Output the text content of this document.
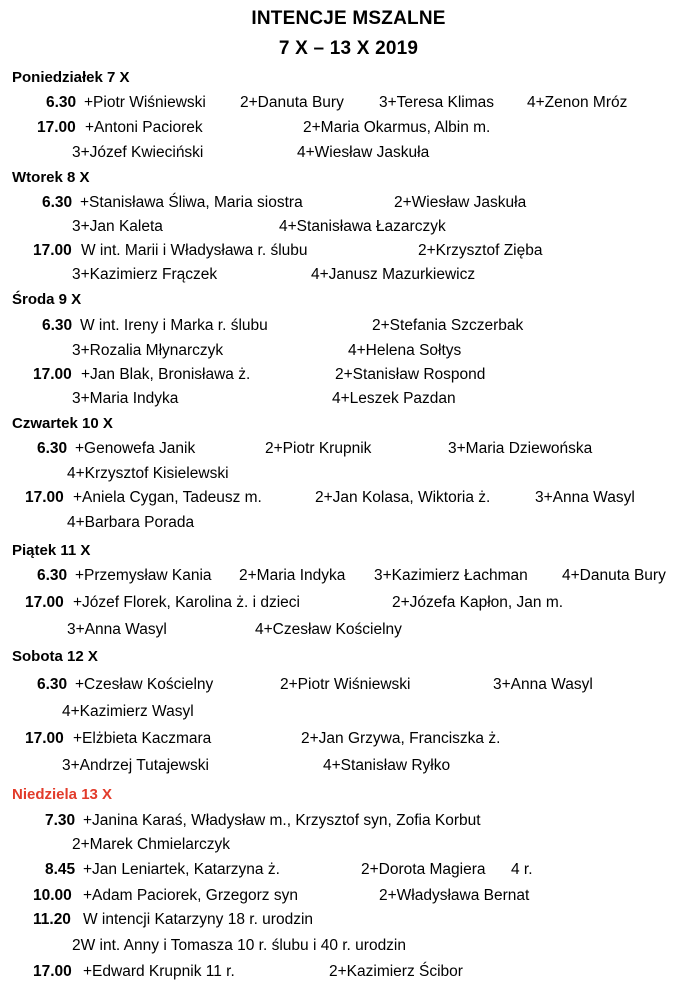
INTENCJE MSZALNE
7 X – 13 X 2019
Poniedziałek 7 X
6.30 +Piotr Wiśniewski 2+Danuta Bury 3+Teresa Klimas 4+Zenon Mróz
17.00 +Antoni Paciorek	2+Maria Okarmus, Albin m.
3+Józef Kwieciński	4+Wiesław Jaskuła
Wtorek 8 X
6.30 +Stanisława Śliwa, Maria siostra	2+Wiesław Jaskuła
3+Jan Kaleta	4+Stanisława Łazarczyk
17.00 W int. Marii i Władysława r. ślubu	2+Krzysztof Zięba
3+Kazimierz Frączek	4+Janusz Mazurkiewicz
Środa 9 X
6.30 W int. Ireny i Marka r. ślubu	2+Stefania Szczerbak
3+Rozalia Młynarczyk	4+Helena Sołtys
17.00 +Jan Blak, Bronisława ż.	2+Stanisław Rospond
3+Maria Indyka	4+Leszek Pazdan
Czwartek 10 X
6.30 +Genowefa Janik	2+Piotr Krupnik	3+Maria Dziewońska
4+Krzysztof Kisielewski
17.00 +Aniela Cygan, Tadeusz m.	2+Jan Kolasa, Wiktoria ż.	3+Anna Wasyl
4+Barbara Porada
Piątek 11 X
6.30 +Przemysław Kania 2+Maria Indyka 3+Kazimierz Łachman 4+Danuta Bury
17.00 +Józef Florek, Karolina ż. i dzieci	2+Józefa Kapłon, Jan m.
3+Anna Wasyl	4+Czesław Kościelny
Sobota 12 X
6.30 +Czesław Kościelny	2+Piotr Wiśniewski	3+Anna Wasyl
4+Kazimierz Wasyl
17.00 +Elżbieta Kaczmara	2+Jan Grzywa, Franciszka ż.
3+Andrzej Tutajewski	4+Stanisław Ryłko
Niedziela 13 X
7.30 +Janina Karaś, Władysław m., Krzysztof syn, Zofia Korbut
2+Marek Chmielarczyk
8.45 +Jan Leniartek, Katarzyna ż.	2+Dorota Magiera 4 r.
10.00 +Adam Paciorek, Grzegorz syn	2+Władysława Bernat
11.20 W intencji Katarzyny 18 r. urodzin
2W int. Anny i Tomasza 10 r. ślubu i 40 r. urodzin
17.00 +Edward Krupnik 11 r.	2+Kazimierz Ścibor
